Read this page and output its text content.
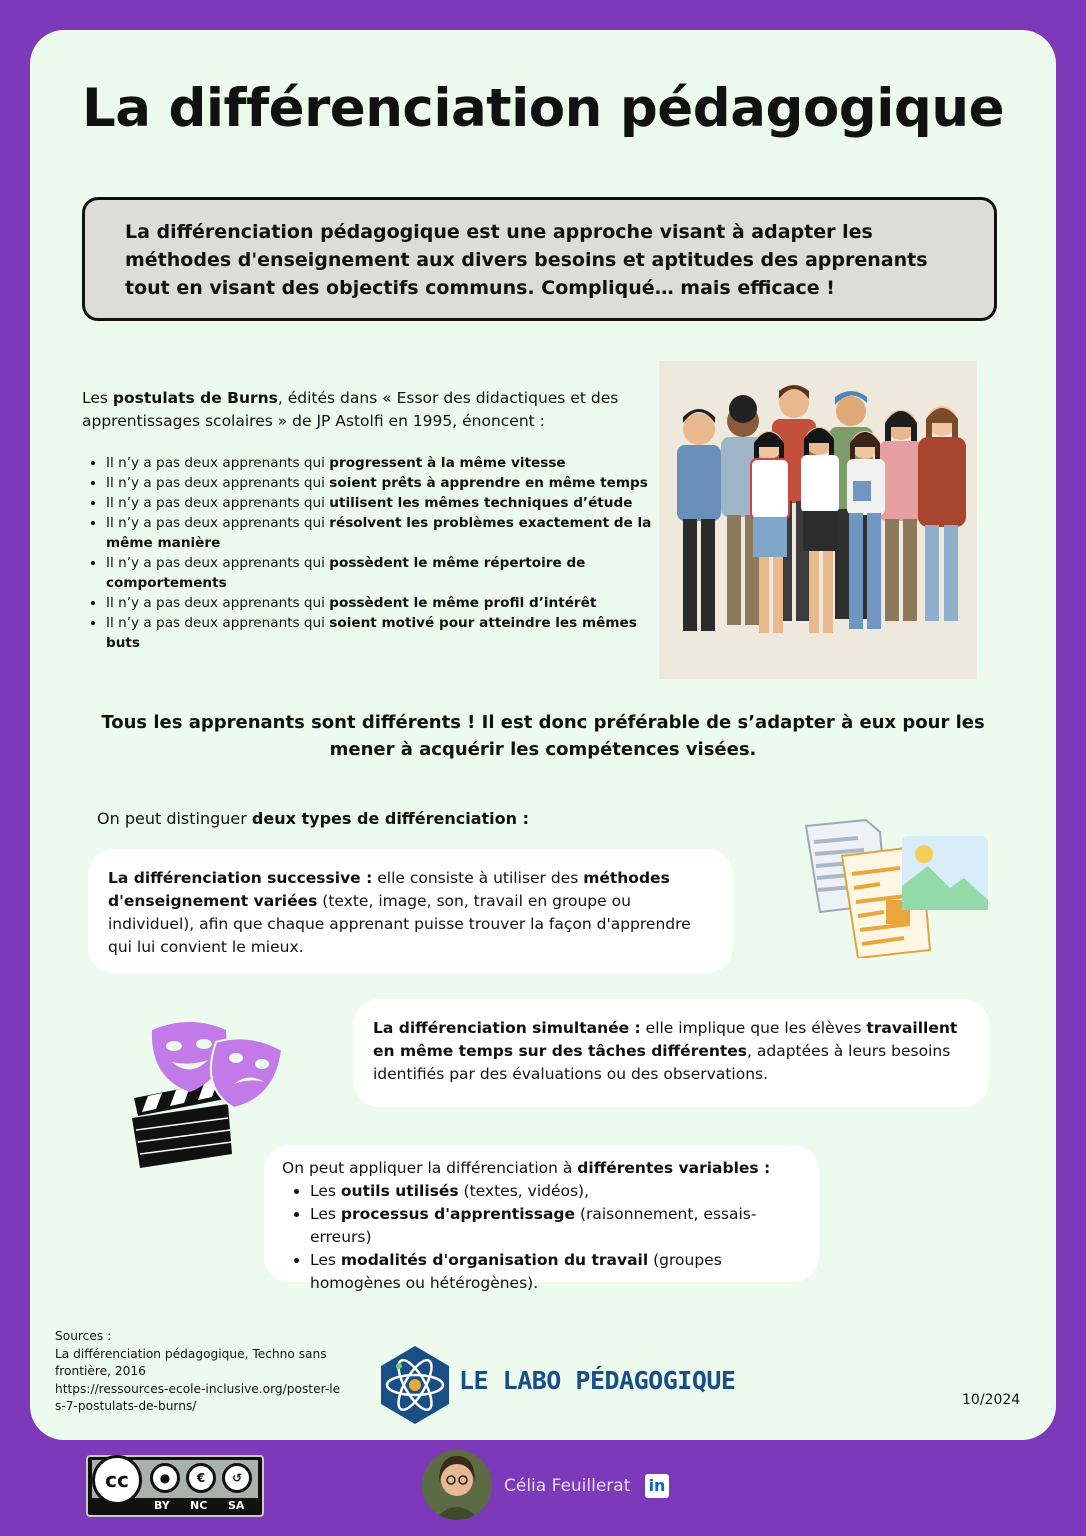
La différenciation pédagogique
La différenciation pédagogique est une approche visant à adapter les méthodes d'enseignement aux divers besoins et aptitudes des apprenants tout en visant des objectifs communs. Compliqué… mais efficace !
Les postulats de Burns, édités dans « Essor des didactiques et des apprentissages scolaires » de JP Astolfi en 1995, énoncent :
• Il n’y a pas deux apprenants qui progressent à la même vitesse
• Il n’y a pas deux apprenants qui soient prêts à apprendre en même temps
• Il n’y a pas deux apprenants qui utilisent les mêmes techniques d’étude
• Il n’y a pas deux apprenants qui résolvent les problèmes exactement de la même manière
• Il n’y a pas deux apprenants qui possèdent le même répertoire de comportements
• Il n’y a pas deux apprenants qui possèdent le même profil d’intérêt
• Il n’y a pas deux apprenants qui soient motivé pour atteindre les mêmes buts
Tous les apprenants sont différents ! Il est donc préférable de s’adapter à eux pour les mener à acquérir les compétences visées.
On peut distinguer deux types de différenciation :
La différenciation successive : elle consiste à utiliser des méthodes d'enseignement variées (texte, image, son, travail en groupe ou individuel), afin que chaque apprenant puisse trouver la façon d'apprendre qui lui convient le mieux.
La différenciation simultanée : elle implique que les élèves travaillent en même temps sur des tâches différentes, adaptées à leurs besoins identifiés par des évaluations ou des observations.
On peut appliquer la différenciation à différentes variables :
• Les outils utilisés (textes, vidéos),
• Les processus d'apprentissage (raisonnement, essais-erreurs)
• Les modalités d'organisation du travail (groupes homogènes ou hétérogènes).
Sources :
La différenciation pédagogique, Techno sans frontière, 2016
https://ressources-ecole-inclusive.org/poster-les-7-postulats-de-burns/
LE LABO PÉDAGOGIQUE
10/2024
cc	●	€	↺
BY NC SA
Célia Feuillerat in
